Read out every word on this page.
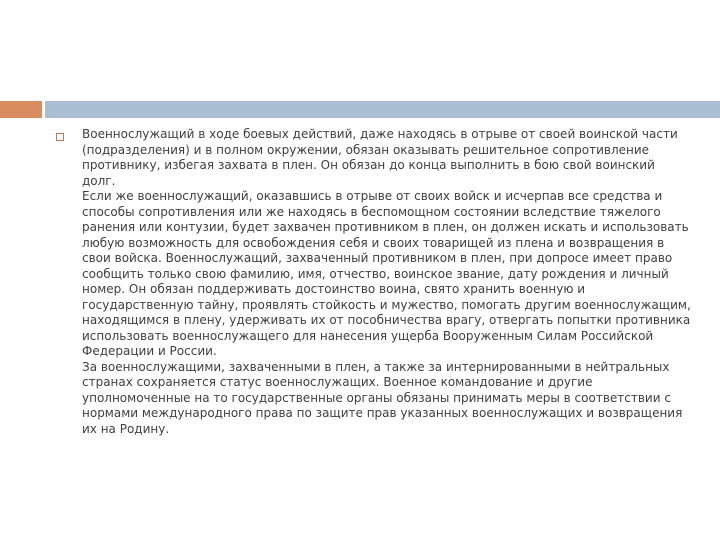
Военнослужащий в ходе боевых действий, даже находясь в отрыве от своей воинской части (подразделения) и в полном окружении, обязан оказывать решительное сопротивление противнику, избегая захвата в плен. Он обязан до конца выполнить в бою свой воинский долг.
Если же военнослужащий, оказавшись в отрыве от своих войск и исчерпав все средства и способы сопротивления или же находясь в беспомощном состоянии вследствие тяжелого ранения или контузии, будет захвачен противником в плен, он должен искать и использовать любую возможность для освобождения себя и своих товарищей из плена и возвращения в свои войска. Военнослужащий, захваченный противником в плен, при допросе имеет право сообщить только свою фамилию, имя, отчество, воинское звание, дату рождения и личный номер. Он обязан поддерживать достоинство воина, свято хранить военную и государственную тайну, проявлять стойкость и мужество, помогать другим военнослужащим, находящимся в плену, удерживать их от пособничества врагу, отвергать попытки противника использовать военнослужащего для нанесения ущерба Вооруженным Силам Российской Федерации и России.
За военнослужащими, захваченными в плен, а также за интернированными в нейтральных странах сохраняется статус военнослужащих. Военное командование и другие уполномоченные на то государственные органы обязаны принимать меры в соответствии с нормами международного права по защите прав указанных военнослужащих и возвращения их на Родину.
